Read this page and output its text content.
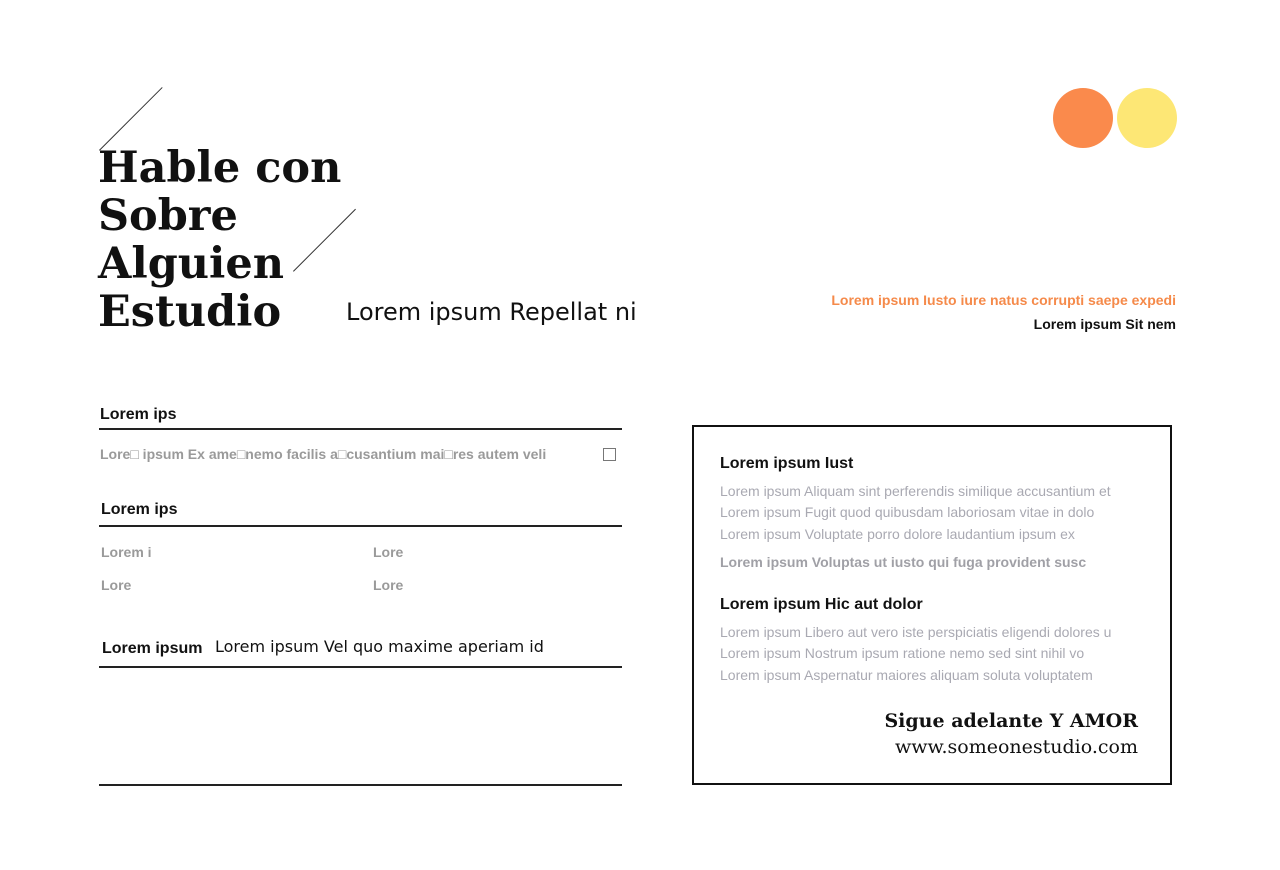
Hable con
Sobre
Alguien
Estudio	Lorem ipsum Repellat ni	Lorem ipsum Iusto iure natus corrupti saepe expedi
Lorem ipsum Sit nem
Lorem ips
Lore□ ipsum Ex ame□nemo facilis a□cusantium mai□res autem veli
Lorem ips
Lorem i	Lore
Lore	Lore
Lorem ipsum Lorem ipsum Vel quo maxime aperiam id
Lorem ipsum Iust
Lorem ipsum Aliquam sint perferendis similique accusantium et
Lorem ipsum Fugit quod quibusdam laboriosam vitae in dolo
Lorem ipsum Voluptate porro dolore laudantium ipsum ex
Lorem ipsum Voluptas ut iusto qui fuga provident susc
Lorem ipsum Hic aut dolor
Lorem ipsum Libero aut vero iste perspiciatis eligendi dolores u
Lorem ipsum Nostrum ipsum ratione nemo sed sint nihil vo
Lorem ipsum Aspernatur maiores aliquam soluta voluptatem
Sigue adelante Y AMOR
www.someonestudio.com
